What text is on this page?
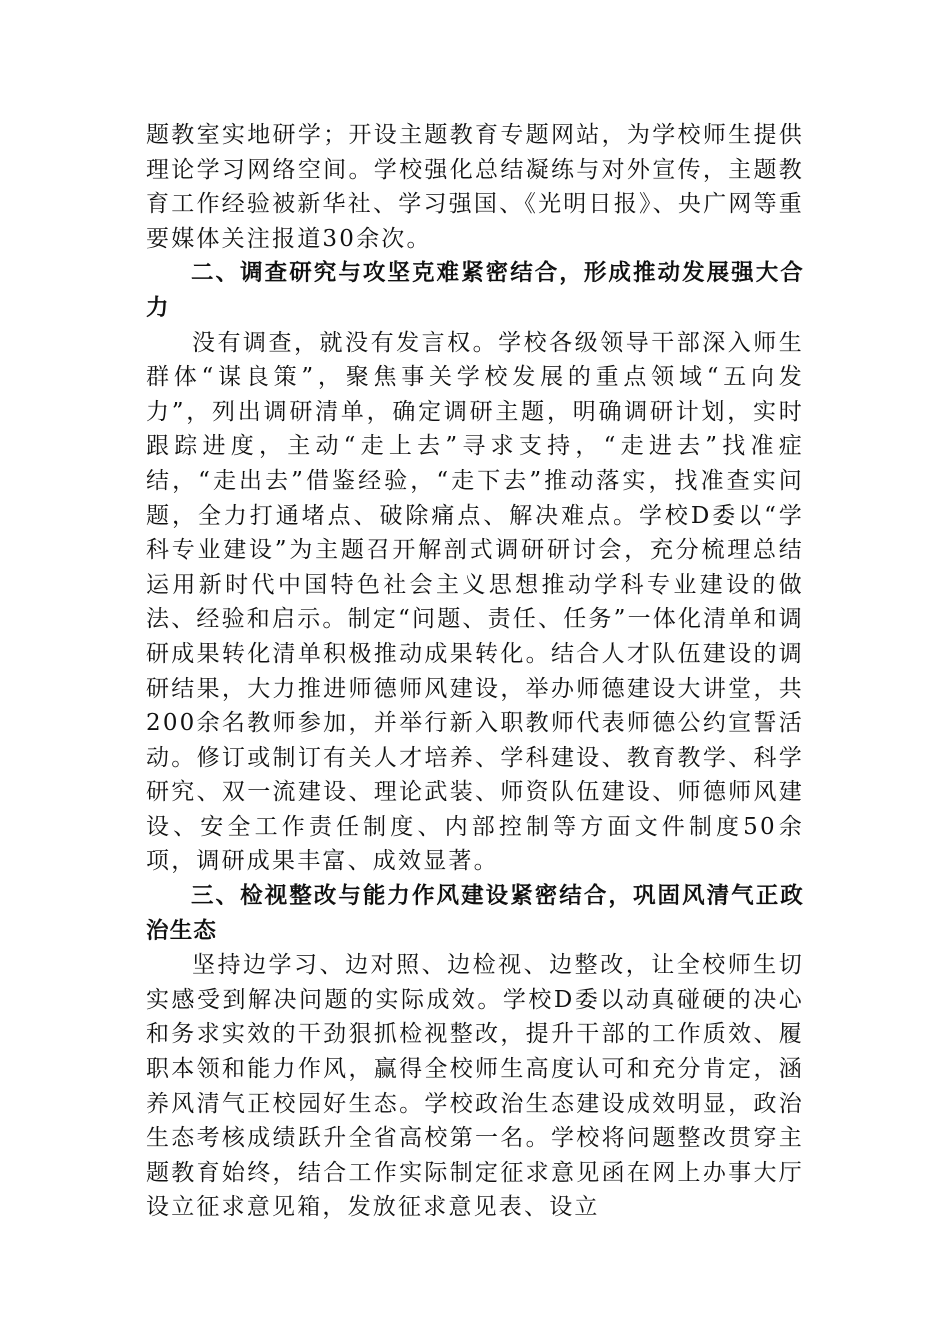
题教室实地研学；开设主题教育专题网站，为学校师生提供理论学习网络空间。学校强化总结凝练与对外宣传，主题教育工作经验被新华社、学习强国、《光明日报》、央广网等重要媒体关注报道30余次。

二、调查研究与攻坚克难紧密结合，形成推动发展强大合力

没有调查，就没有发言权。学校各级领导干部深入师生群体“谋良策”，聚焦事关学校发展的重点领域“五向发力”，列出调研清单，确定调研主题，明确调研计划，实时跟踪进度，主动“走上去”寻求支持，“走进去”找准症结，“走出去”借鉴经验，“走下去”推动落实，找准查实问题，全力打通堵点、破除痛点、解决难点。学校D委以“学科专业建设”为主题召开解剖式调研研讨会，充分梳理总结运用新时代中国特色社会主义思想推动学科专业建设的做法、经验和启示。制定“问题、责任、任务”一体化清单和调研成果转化清单积极推动成果转化。结合人才队伍建设的调研结果，大力推进师德师风建设，举办师德建设大讲堂，共200余名教师参加，并举行新入职教师代表师德公约宣誓活动。修订或制订有关人才培养、学科建设、教育教学、科学研究、双一流建设、理论武装、师资队伍建设、师德师风建设、安全工作责任制度、内部控制等方面文件制度50余项，调研成果丰富、成效显著。

三、检视整改与能力作风建设紧密结合，巩固风清气正政治生态

坚持边学习、边对照、边检视、边整改，让全校师生切实感受到解决问题的实际成效。学校D委以动真碰硬的决心和务求实效的干劲狠抓检视整改，提升干部的工作质效、履职本领和能力作风，赢得全校师生高度认可和充分肯定，涵养风清气正校园好生态。学校政治生态建设成效明显，政治生态考核成绩跃升全省高校第一名。学校将问题整改贯穿主题教育始终，结合工作实际制定征求意见函在网上办事大厅设立征求意见箱，发放征求意见表、设立
